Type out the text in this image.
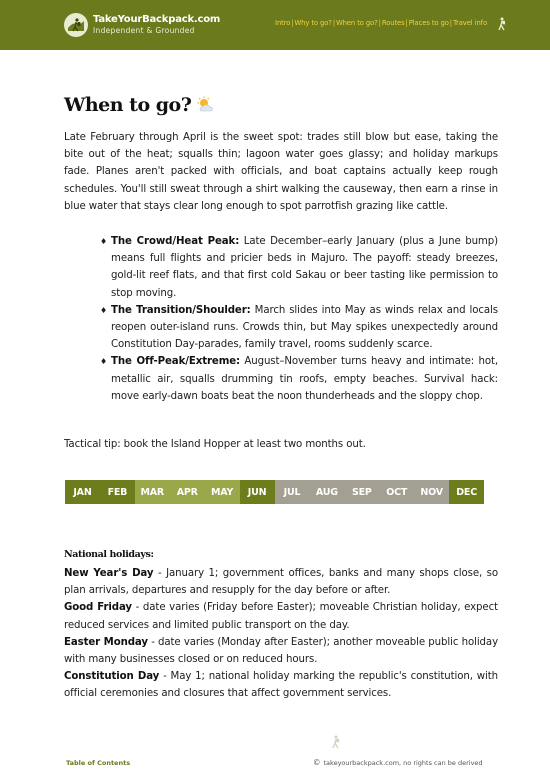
TakeYourBackpack.com
Independent & Grounded
Intro | Why to go? | When to go? | Routes | Places to go | Travel info
When to go?

Late February through April is the sweet spot: trades still blow but ease, taking the bite out of the heat; squalls thin; lagoon water goes glassy; and holiday markups fade. Planes aren't packed with officials, and boat captains actually keep rough schedules. You'll still sweat through a shirt walking the causeway, then earn a rinse in blue water that stays clear long enough to spot parrotfish grazing like cattle.

♦ The Crowd/Heat Peak: Late December–early January (plus a June bump) means full flights and pricier beds in Majuro. The payoff: steady breezes, gold-lit reef flats, and that first cold Sakau or beer tasting like permission to stop moving.
♦ The Transition/Shoulder: March slides into May as winds relax and locals reopen outer-island runs. Crowds thin, but May spikes unexpectedly around Constitution Day-parades, family travel, rooms suddenly scarce.
♦ The Off-Peak/Extreme: August–November turns heavy and intimate: hot, metallic air, squalls drumming tin roofs, empty beaches. Survival hack: move early-dawn boats beat the noon thunderheads and the sloppy chop.

Tactical tip: book the Island Hopper at least two months out.

JAN	FEB	MAR	APR	MAY	JUN	JUL	AUG	SEP	OCT	NOV	DEC
National holidays:

New Year's Day - January 1; government offices, banks and many shops close, so plan arrivals, departures and resupply for the day before or after.

Good Friday - date varies (Friday before Easter); moveable Christian holiday, expect reduced services and limited public transport on the day.

Easter Monday - date varies (Monday after Easter); another moveable public holiday with many businesses closed or on reduced hours.

Constitution Day - May 1; national holiday marking the republic's constitution, with official ceremonies and closures that affect government services.

Table of Contents	© takeyourbackpack.com, no rights can be derived
